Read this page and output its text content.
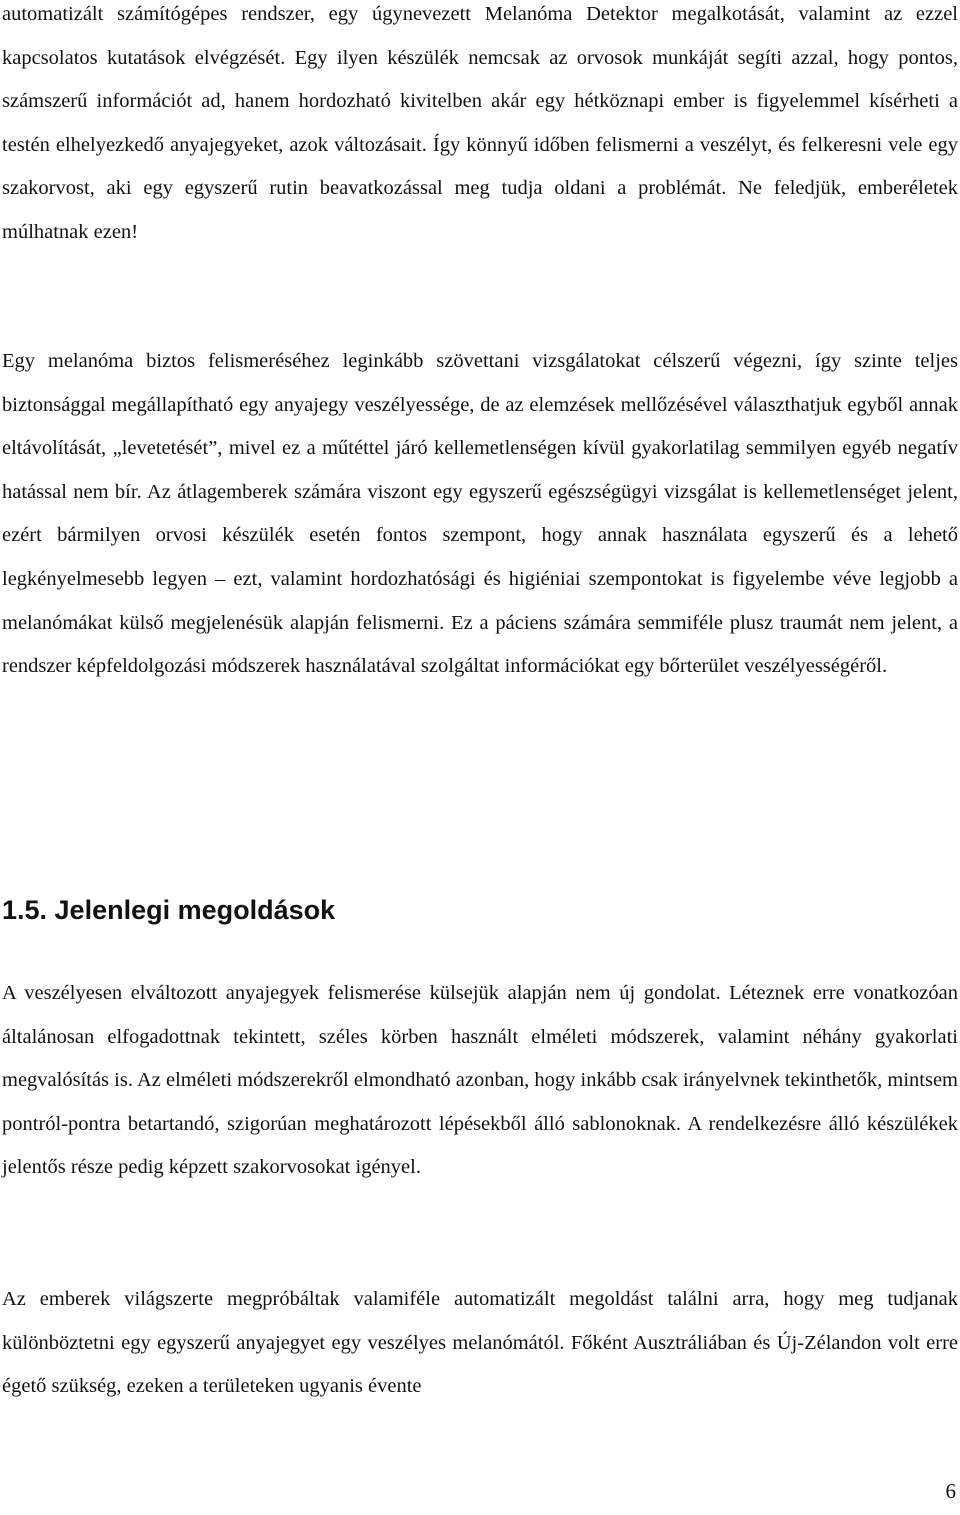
automatizált számítógépes rendszer, egy úgynevezett Melanóma Detektor megalkotását, valamint az ezzel kapcsolatos kutatások elvégzését. Egy ilyen készülék nemcsak az orvosok munkáját segíti azzal, hogy pontos, számszerű információt ad, hanem hordozható kivitelben akár egy hétköznapi ember is figyelemmel kísérheti a testén elhelyezkedő anyajegyeket, azok változásait. Így könnyű időben felismerni a veszélyt, és felkeresni vele egy szakorvost, aki egy egyszerű rutin beavatkozással meg tudja oldani a problémát. Ne feledjük, emberéletek múlhatnak ezen!

Egy melanóma biztos felismeréséhez leginkább szövettani vizsgálatokat célszerű végezni, így szinte teljes biztonsággal megállapítható egy anyajegy veszélyessége, de az elemzések mellőzésével választhatjuk egyből annak eltávolítását, „levetetését”, mivel ez a műtéttel járó kellemetlenségen kívül gyakorlatilag semmilyen egyéb negatív hatással nem bír. Az átlagemberek számára viszont egy egyszerű egészségügyi vizsgálat is kellemetlenséget jelent, ezért bármilyen orvosi készülék esetén fontos szempont, hogy annak használata egyszerű és a lehető legkényelmesebb legyen – ezt, valamint hordozhatósági és higiéniai szempontokat is figyelembe véve legjobb a melanómákat külső megjelenésük alapján felismerni. Ez a páciens számára semmiféle plusz traumát nem jelent, a rendszer képfeldolgozási módszerek használatával szolgáltat információkat egy bőrterület veszélyességéről.

1.5. Jelenlegi megoldások

A veszélyesen elváltozott anyajegyek felismerése külsejük alapján nem új gondolat. Léteznek erre vonatkozóan általánosan elfogadottnak tekintett, széles körben használt elméleti módszerek, valamint néhány gyakorlati megvalósítás is. Az elméleti módszerekről elmondható azonban, hogy inkább csak irányelvnek tekinthetők, mintsem pontról-pontra betartandó, szigorúan meghatározott lépésekből álló sablonoknak. A rendelkezésre álló készülékek jelentős része pedig képzett szakorvosokat igényel.

Az emberek világszerte megpróbáltak valamiféle automatizált megoldást találni arra, hogy meg tudjanak különböztetni egy egyszerű anyajegyet egy veszélyes melanómától. Főként Ausztráliában és Új-Zélandon volt erre égető szükség, ezeken a területeken ugyanis évente

6
